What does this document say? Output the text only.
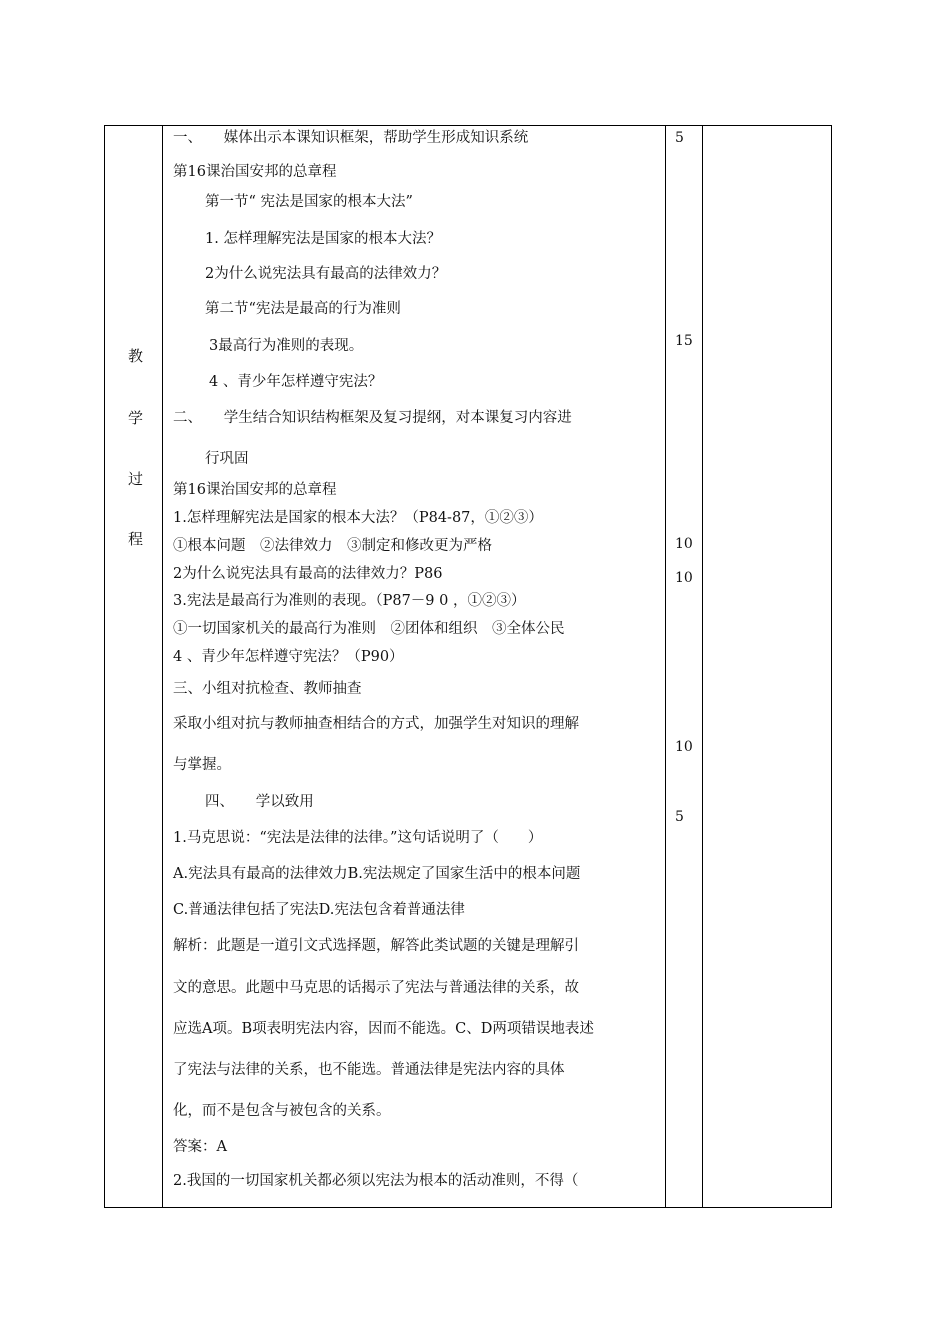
教
学
过
程
一、　　媒体出示本课知识框架，帮助学生形成知识系统
第16课治国安邦的总章程
第一节“ 宪法是国家的根本大法”
1. 怎样理解宪法是国家的根本大法？
2为什么说宪法具有最高的法律效力？
第二节“宪法是最高的行为准则
3最高行为准则的表现。
4 、青少年怎样遵守宪法？
二、　　学生结合知识结构框架及复习提纲，对本课复习内容进
行巩固
第16课治国安邦的总章程
1.怎样理解宪法是国家的根本大法？（P84-87，①②③）
①根本问题　②法律效力　③制定和修改更为严格
2为什么说宪法具有最高的法律效力？P86
3.宪法是最高行为准则的表现。（P87－9 0 ，①②③）
①一切国家机关的最高行为准则　②团体和组织　③全体公民
4 、青少年怎样遵守宪法？（P90）
三、小组对抗检查、教师抽查
采取小组对抗与教师抽查相结合的方式，加强学生对知识的理解
与掌握。
四、　　学以致用
1.马克思说：“宪法是法律的法律。”这句话说明了（　　）
A.宪法具有最高的法律效力B.宪法规定了国家生活中的根本问题
C.普通法律包括了宪法D.宪法包含着普通法律
解析：此题是一道引文式选择题，解答此类试题的关键是理解引
文的意思。此题中马克思的话揭示了宪法与普通法律的关系，故
应选A项。B项表明宪法内容，因而不能选。C、D两项错误地表述
了宪法与法律的关系，也不能选。普通法律是宪法内容的具体
化，而不是包含与被包含的关系。
答案：A
2.我国的一切国家机关都必须以宪法为根本的活动准则，不得（
5
15
10
10
10
5
